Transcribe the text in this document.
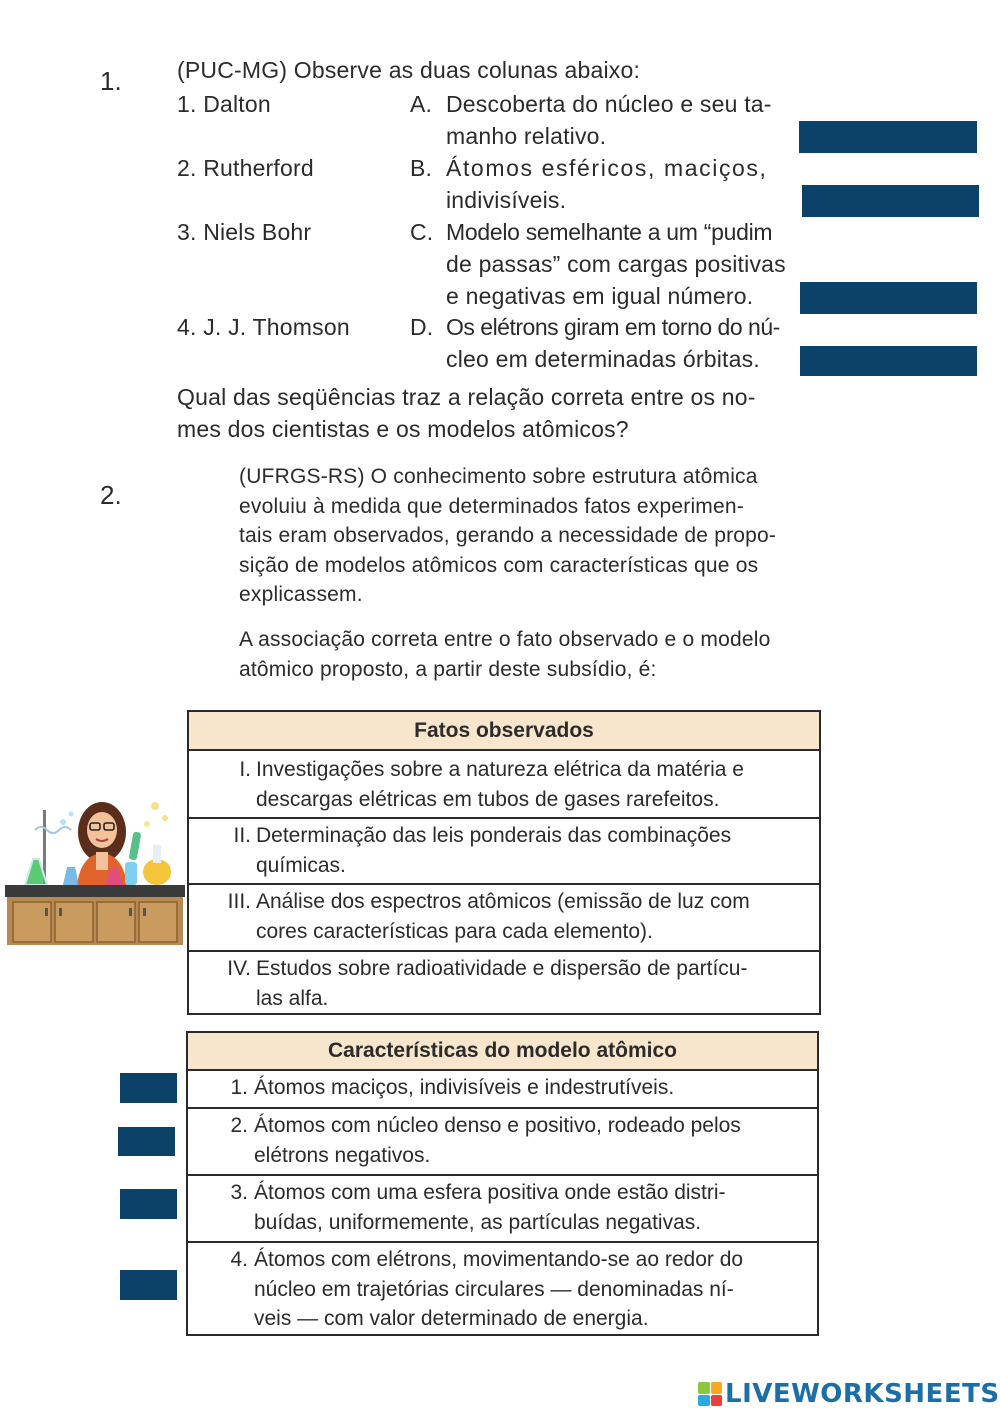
1. (PUC-MG) Observe as duas colunas abaixo:
1. Dalton
2. Rutherford
3. Niels Bohr
4. J. J. Thomson
A. Descoberta do núcleo e seu ta-
manho relativo.
B. Átomos esféricos, maciços,
indivisíveis.
C. Modelo semelhante a um “pudim
de passas” com cargas positivas
e negativas em igual número.
D. Os elétrons giram em torno do nú-
cleo em determinadas órbitas.
Qual das seqüências traz a relação correta entre os no-
mes dos cientistas e os modelos atômicos?
2.
(UFRGS-RS) O conhecimento sobre estrutura atômica
evoluiu à medida que determinados fatos experimen-
tais eram observados, gerando a necessidade de propo-
sição de modelos atômicos com características que os
explicassem.
A associação correta entre o fato observado e o modelo
atômico proposto, a partir deste subsídio, é:
Fatos observados
I. Investigações sobre a natureza elétrica da matéria e
descargas elétricas em tubos de gases rarefeitos.
II. Determinação das leis ponderais das combinações
químicas.
III. Análise dos espectros atômicos (emissão de luz com
cores características para cada elemento).
IV. Estudos sobre radioatividade e dispersão de partícu-
las alfa.
Características do modelo atômico
1. Átomos maciços, indivisíveis e indestrutíveis.
2. Átomos com núcleo denso e positivo, rodeado pelos
elétrons negativos.
3. Átomos com uma esfera positiva onde estão distri-
buídas, uniformemente, as partículas negativas.
4. Átomos com elétrons, movimentando-se ao redor do
núcleo em trajetórias circulares — denominadas ní-
veis — com valor determinado de energia.
LIVEWORKSHEETS
